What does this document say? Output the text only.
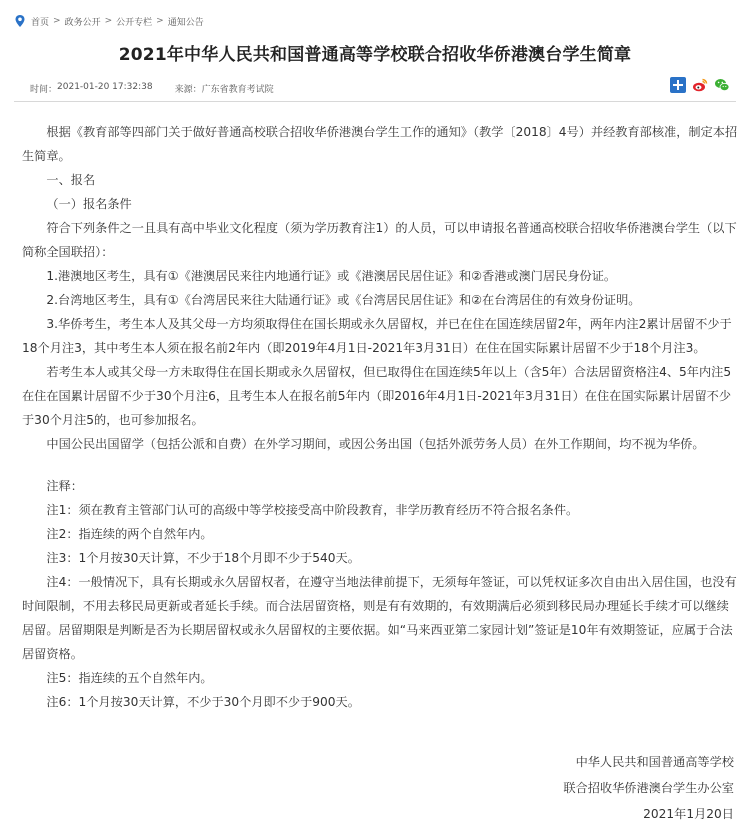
首页 > 政务公开 > 公开专栏 > 通知公告
2021年中华人民共和国普通高等学校联合招收华侨港澳台学生简章
时间： 2021-01-20 17:32:38 来源： 广东省教育考试院

根据《教育部等四部门关于做好普通高校联合招收华侨港澳台学生工作的通知》（教学〔2018〕4号）并经教育部核准，制定本招生简章。

一、报名

（一）报名条件

符合下列条件之一且具有高中毕业文化程度（须为学历教育注1）的人员，可以申请报名普通高校联合招收华侨港澳台学生（以下简称全国联招）：

1.港澳地区考生，具有①《港澳居民来往内地通行证》或《港澳居民居住证》和②香港或澳门居民身份证。

2.台湾地区考生，具有①《台湾居民来往大陆通行证》或《台湾居民居住证》和②在台湾居住的有效身份证明。

3.华侨考生，考生本人及其父母一方均须取得住在国长期或永久居留权，并已在住在国连续居留2年，两年内注2累计居留不少于18个月注3，其中考生本人须在报名前2年内（即2019年4月1日-2021年3月31日）在住在国实际累计居留不少于18个月注3。

若考生本人或其父母一方未取得住在国长期或永久居留权，但已取得住在国连续5年以上（含5年）合法居留资格注4、5年内注5在住在国累计居留不少于30个月注6，且考生本人在报名前5年内（即2016年4月1日-2021年3月31日）在住在国实际累计居留不少于30个月注5的，也可参加报名。

中国公民出国留学（包括公派和自费）在外学习期间，或因公务出国（包括外派劳务人员）在外工作期间，均不视为华侨。

注释：

注1：须在教育主管部门认可的高级中等学校接受高中阶段教育，非学历教育经历不符合报名条件。

注2：指连续的两个自然年内。

注3：1个月按30天计算，不少于18个月即不少于540天。

注4：一般情况下，具有长期或永久居留权者，在遵守当地法律前提下，无须每年签证，可以凭权证多次自由出入居住国，也没有时间限制，不用去移民局更新或者延长手续。而合法居留资格，则是有有效期的，有效期满后必须到移民局办理延长手续才可以继续居留。居留期限是判断是否为长期居留权或永久居留权的主要依据。如“马来西亚第二家园计划”签证是10年有效期签证，应属于合法居留资格。

注5：指连续的五个自然年内。

注6：1个月按30天计算，不少于30个月即不少于900天。

中华人民共和国普通高等学校
联合招收华侨港澳台学生办公室
2021年1月20日
